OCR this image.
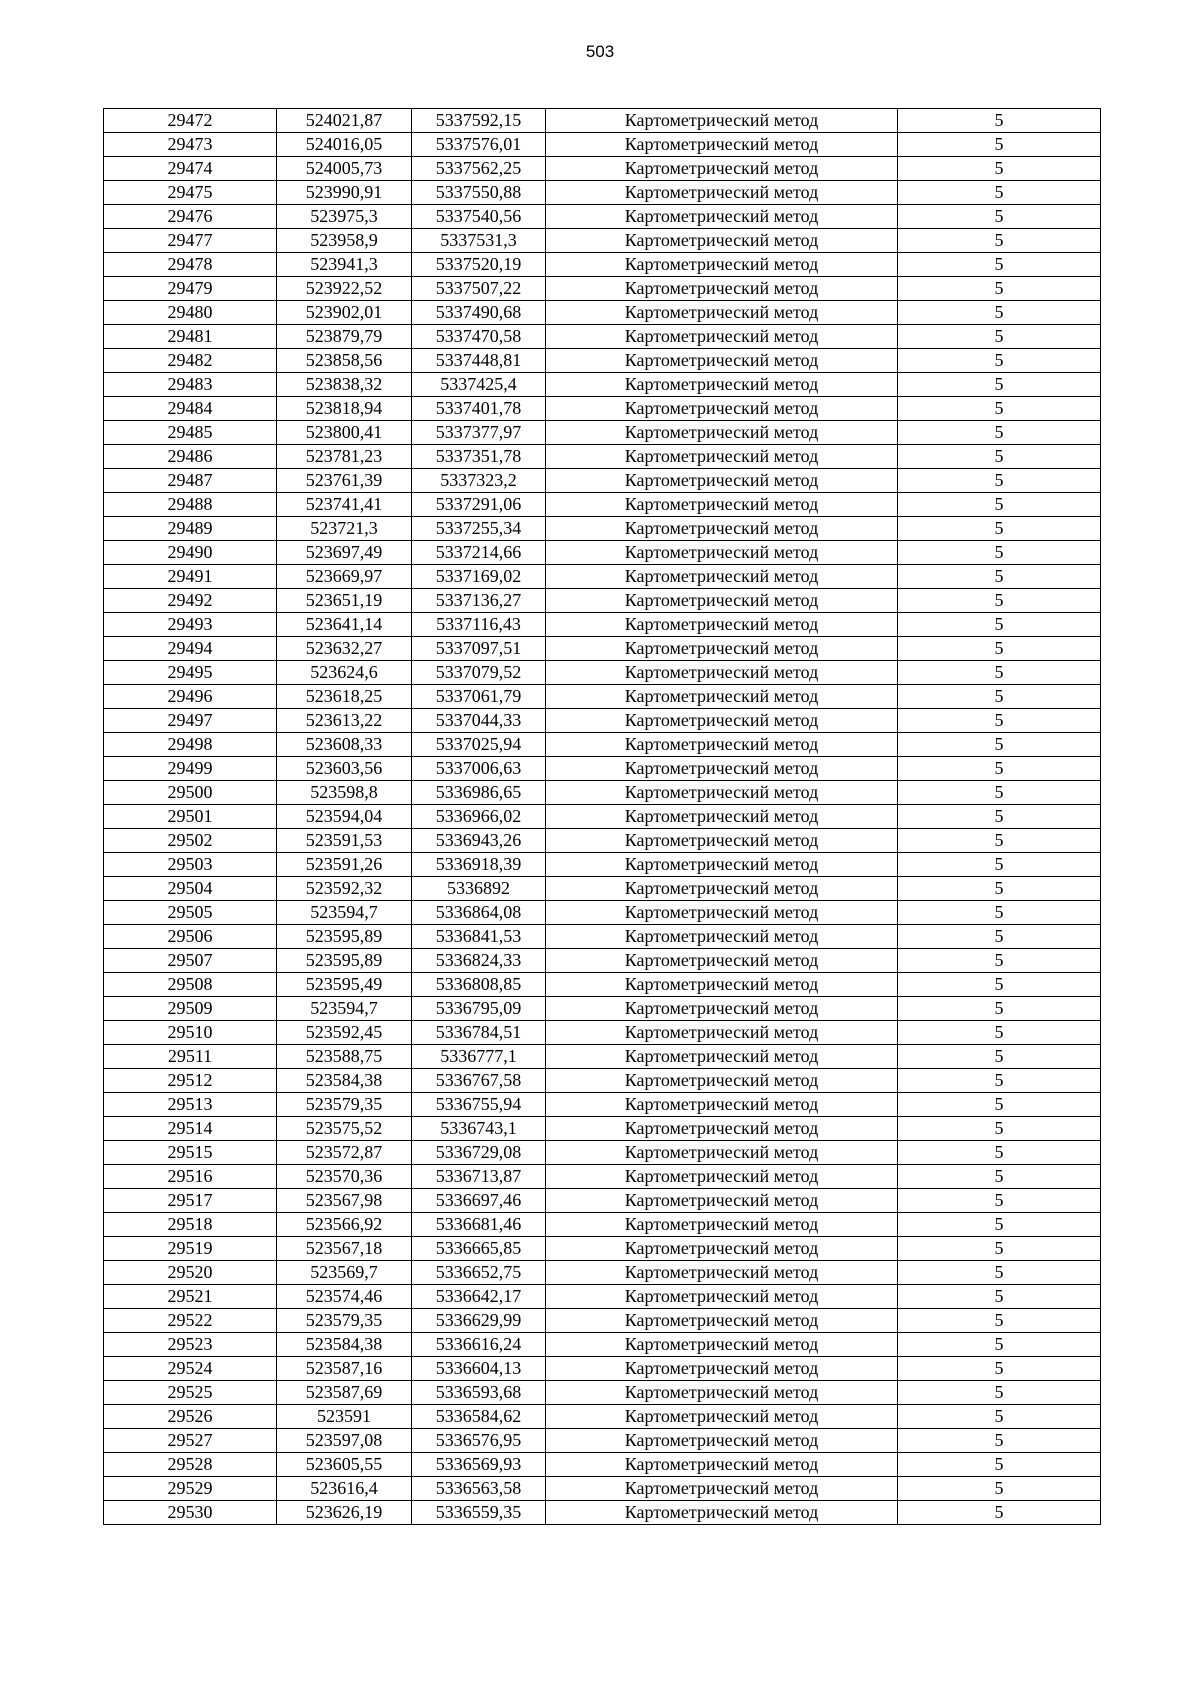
503
29472	524021,87	5337592,15	Картометрический метод	5
29473	524016,05	5337576,01	Картометрический метод	5
29474	524005,73	5337562,25	Картометрический метод	5
29475	523990,91	5337550,88	Картометрический метод	5
29476	523975,3	5337540,56	Картометрический метод	5
29477	523958,9	5337531,3	Картометрический метод	5
29478	523941,3	5337520,19	Картометрический метод	5
29479	523922,52	5337507,22	Картометрический метод	5
29480	523902,01	5337490,68	Картометрический метод	5
29481	523879,79	5337470,58	Картометрический метод	5
29482	523858,56	5337448,81	Картометрический метод	5
29483	523838,32	5337425,4	Картометрический метод	5
29484	523818,94	5337401,78	Картометрический метод	5
29485	523800,41	5337377,97	Картометрический метод	5
29486	523781,23	5337351,78	Картометрический метод	5
29487	523761,39	5337323,2	Картометрический метод	5
29488	523741,41	5337291,06	Картометрический метод	5
29489	523721,3	5337255,34	Картометрический метод	5
29490	523697,49	5337214,66	Картометрический метод	5
29491	523669,97	5337169,02	Картометрический метод	5
29492	523651,19	5337136,27	Картометрический метод	5
29493	523641,14	5337116,43	Картометрический метод	5
29494	523632,27	5337097,51	Картометрический метод	5
29495	523624,6	5337079,52	Картометрический метод	5
29496	523618,25	5337061,79	Картометрический метод	5
29497	523613,22	5337044,33	Картометрический метод	5
29498	523608,33	5337025,94	Картометрический метод	5
29499	523603,56	5337006,63	Картометрический метод	5
29500	523598,8	5336986,65	Картометрический метод	5
29501	523594,04	5336966,02	Картометрический метод	5
29502	523591,53	5336943,26	Картометрический метод	5
29503	523591,26	5336918,39	Картометрический метод	5
29504	523592,32	5336892	Картометрический метод	5
29505	523594,7	5336864,08	Картометрический метод	5
29506	523595,89	5336841,53	Картометрический метод	5
29507	523595,89	5336824,33	Картометрический метод	5
29508	523595,49	5336808,85	Картометрический метод	5
29509	523594,7	5336795,09	Картометрический метод	5
29510	523592,45	5336784,51	Картометрический метод	5
29511	523588,75	5336777,1	Картометрический метод	5
29512	523584,38	5336767,58	Картометрический метод	5
29513	523579,35	5336755,94	Картометрический метод	5
29514	523575,52	5336743,1	Картометрический метод	5
29515	523572,87	5336729,08	Картометрический метод	5
29516	523570,36	5336713,87	Картометрический метод	5
29517	523567,98	5336697,46	Картометрический метод	5
29518	523566,92	5336681,46	Картометрический метод	5
29519	523567,18	5336665,85	Картометрический метод	5
29520	523569,7	5336652,75	Картометрический метод	5
29521	523574,46	5336642,17	Картометрический метод	5
29522	523579,35	5336629,99	Картометрический метод	5
29523	523584,38	5336616,24	Картометрический метод	5
29524	523587,16	5336604,13	Картометрический метод	5
29525	523587,69	5336593,68	Картометрический метод	5
29526	523591	5336584,62	Картометрический метод	5
29527	523597,08	5336576,95	Картометрический метод	5
29528	523605,55	5336569,93	Картометрический метод	5
29529	523616,4	5336563,58	Картометрический метод	5
29530	523626,19	5336559,35	Картометрический метод	5
